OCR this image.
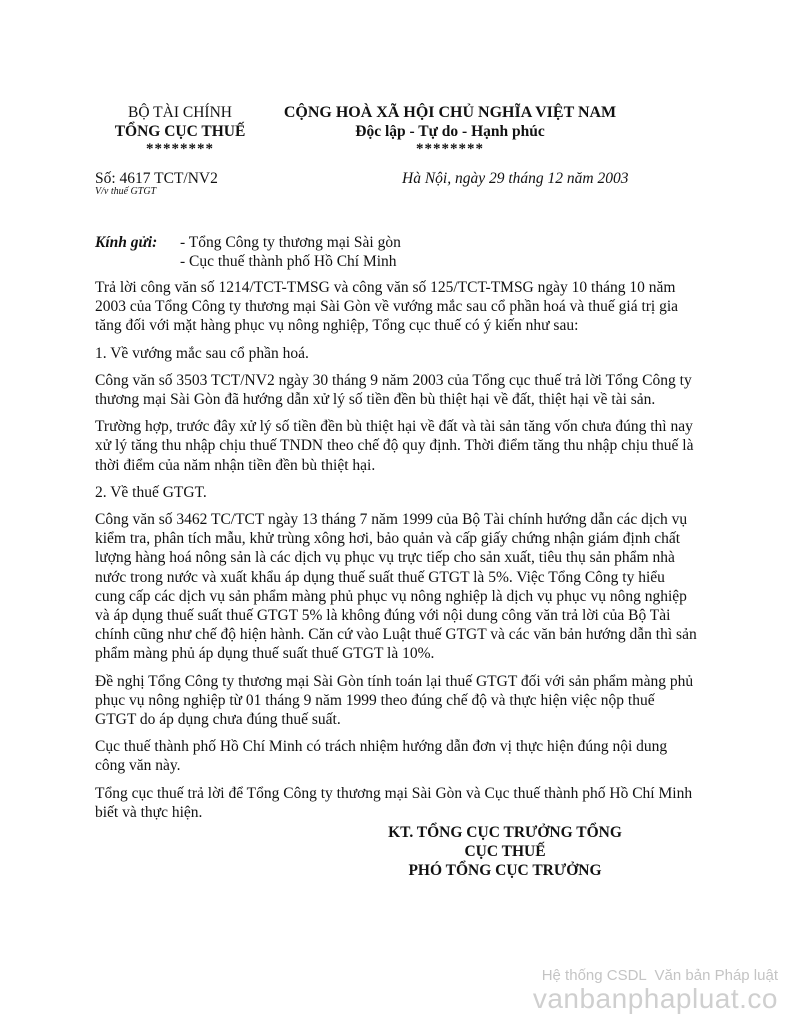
BỘ TÀI CHÍNH
TỔNG CỤC THUẾ
********
CỘNG HOÀ XÃ HỘI CHỦ NGHĨA VIỆT NAM
Độc lập - Tự do - Hạnh phúc
********
Số: 4617 TCT/NV2
V/v thuế GTGT
Hà Nội, ngày 29 tháng 12 năm 2003
Kính gửi: - Tổng Công ty thương mại Sài gòn
- Cục thuế thành phố Hồ Chí Minh

Trả lời công văn số 1214/TCT-TMSG và công văn số 125/TCT-TMSG ngày 10 tháng 10 năm

2003 của Tổng Công ty thương mại Sài Gòn về vướng mắc sau cổ phần hoá và thuế giá trị gia

tăng đối với mặt hàng phục vụ nông nghiệp, Tổng cục thuế có ý kiến như sau:

1. Về vướng mắc sau cổ phần hoá.

Công văn số 3503 TCT/NV2 ngày 30 tháng 9 năm 2003 của Tổng cục thuế trả lời Tổng Công ty

thương mại Sài Gòn đã hướng dẫn xử lý số tiền đền bù thiệt hại về đất, thiệt hại về tài sản.

Trường hợp, trước đây xử lý số tiền đền bù thiệt hại về đất và tài sản tăng vốn chưa đúng thì nay

xử lý tăng thu nhập chịu thuế TNDN theo chế độ quy định. Thời điểm tăng thu nhập chịu thuế là

thời điểm của năm nhận tiền đền bù thiệt hại.

2. Về thuế GTGT.

Công văn số 3462 TC/TCT ngày 13 tháng 7 năm 1999 của Bộ Tài chính hướng dẫn các dịch vụ

kiểm tra, phân tích mẫu, khử trùng xông hơi, bảo quản và cấp giấy chứng nhận giám định chất

lượng hàng hoá nông sản là các dịch vụ phục vụ trực tiếp cho sản xuất, tiêu thụ sản phẩm nhà

nước trong nước và xuất khẩu áp dụng thuế suất thuế GTGT là 5%. Việc Tổng Công ty hiểu

cung cấp các dịch vụ sản phẩm màng phủ phục vụ nông nghiệp là dịch vụ phục vụ nông nghiệp

và áp dụng thuế suất thuế GTGT 5% là không đúng với nội dung công văn trả lời của Bộ Tài

chính cũng như chế độ hiện hành. Căn cứ vào Luật thuế GTGT và các văn bản hướng dẫn thì sản

phẩm màng phủ áp dụng thuế suất thuế GTGT là 10%.

Đề nghị Tổng Công ty thương mại Sài Gòn tính toán lại thuế GTGT đối với sản phẩm màng phủ

phục vụ nông nghiệp từ 01 tháng 9 năm 1999 theo đúng chế độ và thực hiện việc nộp thuế

GTGT do áp dụng chưa đúng thuế suất.

Cục thuế thành phố Hồ Chí Minh có trách nhiệm hướng dẫn đơn vị thực hiện đúng nội dung

công văn này.

Tổng cục thuế trả lời để Tổng Công ty thương mại Sài Gòn và Cục thuế thành phố Hồ Chí Minh

biết và thực hiện.

KT. TỔNG CỤC TRƯỞNG TỔNG
CỤC THUẾ
PHÓ TỔNG CỤC TRƯỞNG
Hệ thống CSDL  Văn bản Pháp luật
vanbanphapluat.co
